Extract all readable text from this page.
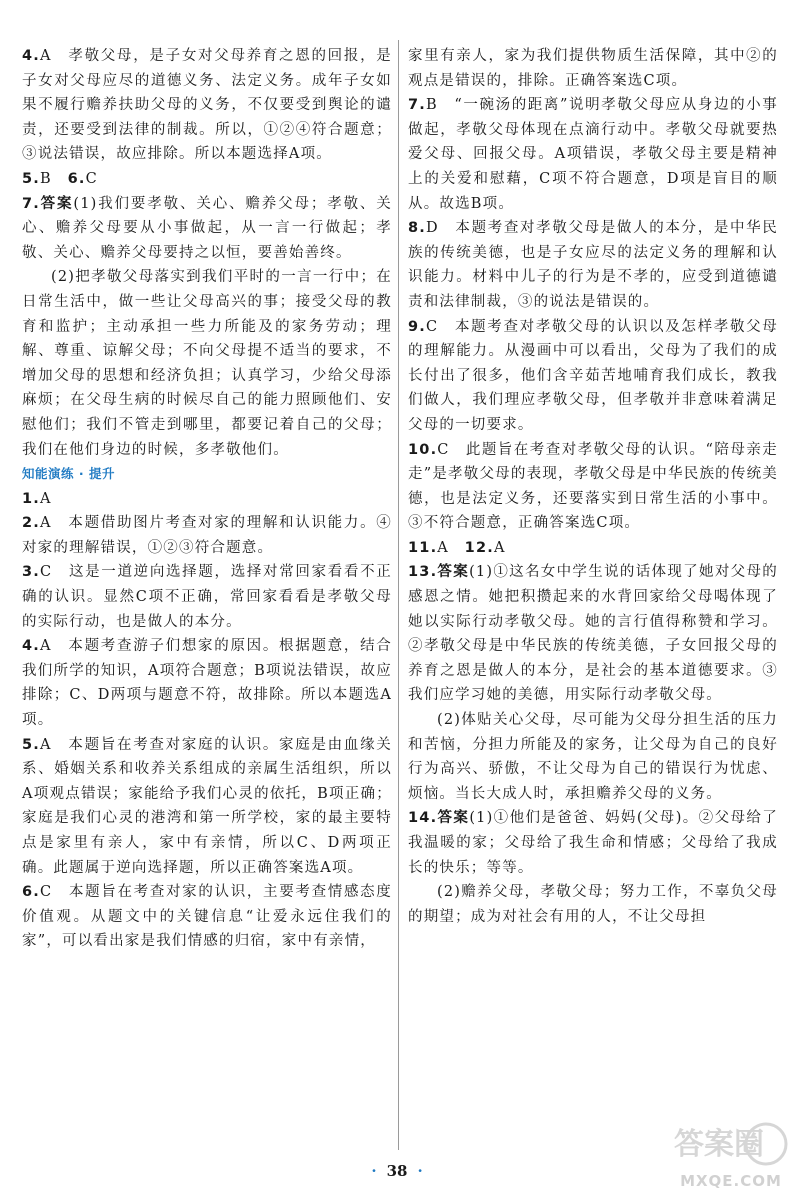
4.A　孝敬父母，是子女对父母养育之恩的回报，是子女对父母应尽的道德义务、法定义务。成年子女如果不履行赡养扶助父母的义务，不仅要受到舆论的谴责，还要受到法律的制裁。所以，①②④符合题意；③说法错误，故应排除。所以本题选择A项。

5.B　6.C

7.答案(1)我们要孝敬、关心、赡养父母；孝敬、关心、赡养父母要从小事做起，从一言一行做起；孝敬、关心、赡养父母要持之以恒，要善始善终。

(2)把孝敬父母落实到我们平时的一言一行中；在日常生活中，做一些让父母高兴的事；接受父母的教育和监护；主动承担一些力所能及的家务劳动；理解、尊重、谅解父母；不向父母提不适当的要求，不增加父母的思想和经济负担；认真学习，少给父母添麻烦；在父母生病的时候尽自己的能力照顾他们、安慰他们；我们不管走到哪里，都要记着自己的父母；我们在他们身边的时候，多孝敬他们。

知能演练 · 提升

1.A

2.A　本题借助图片考查对家的理解和认识能力。④对家的理解错误，①②③符合题意。

3.C　这是一道逆向选择题，选择对常回家看看不正确的认识。显然C项不正确，常回家看看是孝敬父母的实际行动，也是做人的本分。

4.A　本题考查游子们想家的原因。根据题意，结合我们所学的知识，A项符合题意；B项说法错误，故应排除；C、D两项与题意不符，故排除。所以本题选A项。

5.A　本题旨在考查对家庭的认识。家庭是由血缘关系、婚姻关系和收养关系组成的亲属生活组织，所以A项观点错误；家能给予我们心灵的依托，B项正确；家庭是我们心灵的港湾和第一所学校，家的最主要特点是家里有亲人，家中有亲情，所以C、D两项正确。此题属于逆向选择题，所以正确答案选A项。

6.C　本题旨在考查对家的认识，主要考查情感态度价值观。从题文中的关键信息“让爱永远住我们的家”，可以看出家是我们情感的归宿，家中有亲情，

家里有亲人，家为我们提供物质生活保障，其中②的观点是错误的，排除。正确答案选C项。

7.B　“一碗汤的距离”说明孝敬父母应从身边的小事做起，孝敬父母体现在点滴行动中。孝敬父母就要热爱父母、回报父母。A项错误，孝敬父母主要是精神上的关爱和慰藉，C项不符合题意，D项是盲目的顺从。故选B项。

8.D　本题考查对孝敬父母是做人的本分，是中华民族的传统美德，也是子女应尽的法定义务的理解和认识能力。材料中儿子的行为是不孝的，应受到道德谴责和法律制裁，③的说法是错误的。

9.C　本题考查对孝敬父母的认识以及怎样孝敬父母的理解能力。从漫画中可以看出，父母为了我们的成长付出了很多，他们含辛茹苦地哺育我们成长，教我们做人，我们理应孝敬父母，但孝敬并非意味着满足父母的一切要求。

10.C　此题旨在考查对孝敬父母的认识。“陪母亲走走”是孝敬父母的表现，孝敬父母是中华民族的传统美德，也是法定义务，还要落实到日常生活的小事中。③不符合题意，正确答案选C项。

11.A　12.A

13.答案(1)①这名女中学生说的话体现了她对父母的感恩之情。她把积攒起来的水背回家给父母喝体现了她以实际行动孝敬父母。她的言行值得称赞和学习。②孝敬父母是中华民族的传统美德，子女回报父母的养育之恩是做人的本分，是社会的基本道德要求。③我们应学习她的美德，用实际行动孝敬父母。

(2)体贴关心父母，尽可能为父母分担生活的压力和苦恼，分担力所能及的家务，让父母为自己的良好行为高兴、骄傲，不让父母为自己的错误行为忧虑、烦恼。当长大成人时，承担赡养父母的义务。

14.答案(1)①他们是爸爸、妈妈(父母)。②父母给了我温暖的家；父母给了我生命和情感；父母给了我成长的快乐；等等。

(2)赡养父母，孝敬父母；努力工作，不辜负父母的期望；成为对社会有用的人，不让父母担

· 38 ·
答案圈
MXQE.COM
